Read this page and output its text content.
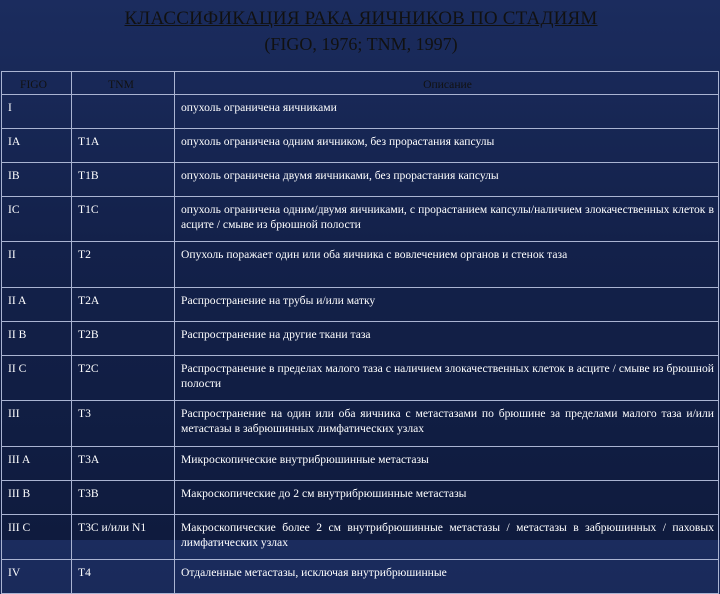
КЛАССИФИКАЦИЯ РАКА ЯИЧНИКОВ ПО СТАДИЯМ
(FIGO, 1976; TNM, 1997)
FIGO	TNM	Описание
I		опухоль ограничена яичниками
IA	T1A	опухоль ограничена одним яичником, без прорастания капсулы
IB	T1B	опухоль ограничена двумя яичниками, без прорастания капсулы
IC	T1C	опухоль ограничена одним/двумя яичниками, с прорастанием капсулы/наличием злокачественных клеток в асците / смыве из брюшной полости
II	T2	Опухоль поражает один или оба яичника с вовлечением органов и стенок таза
II A	T2A	Распространение на трубы и/или матку
II B	T2B	Распространение на другие ткани таза
II C	T2C	Распространение в пределах малого таза с наличием злокачественных клеток в асците / смыве из брюшной полости
III	T3	Распространение на один или оба яичника с метастазами по брюшине за пределами малого таза и/или метастазы в забрюшинных лимфатических узлах
III A	T3A	Микроскопические внутрибрюшинные метастазы
III B	T3B	Макроскопические до 2 см внутрибрюшинные метастазы
III C	T3C и/или N1	Макроскопические более 2 см внутрибрюшинные метастазы / метастазы в забрюшинных / паховых лимфатических узлах
IV	T4	Отдаленные метастазы, исключая внутрибрюшинные
